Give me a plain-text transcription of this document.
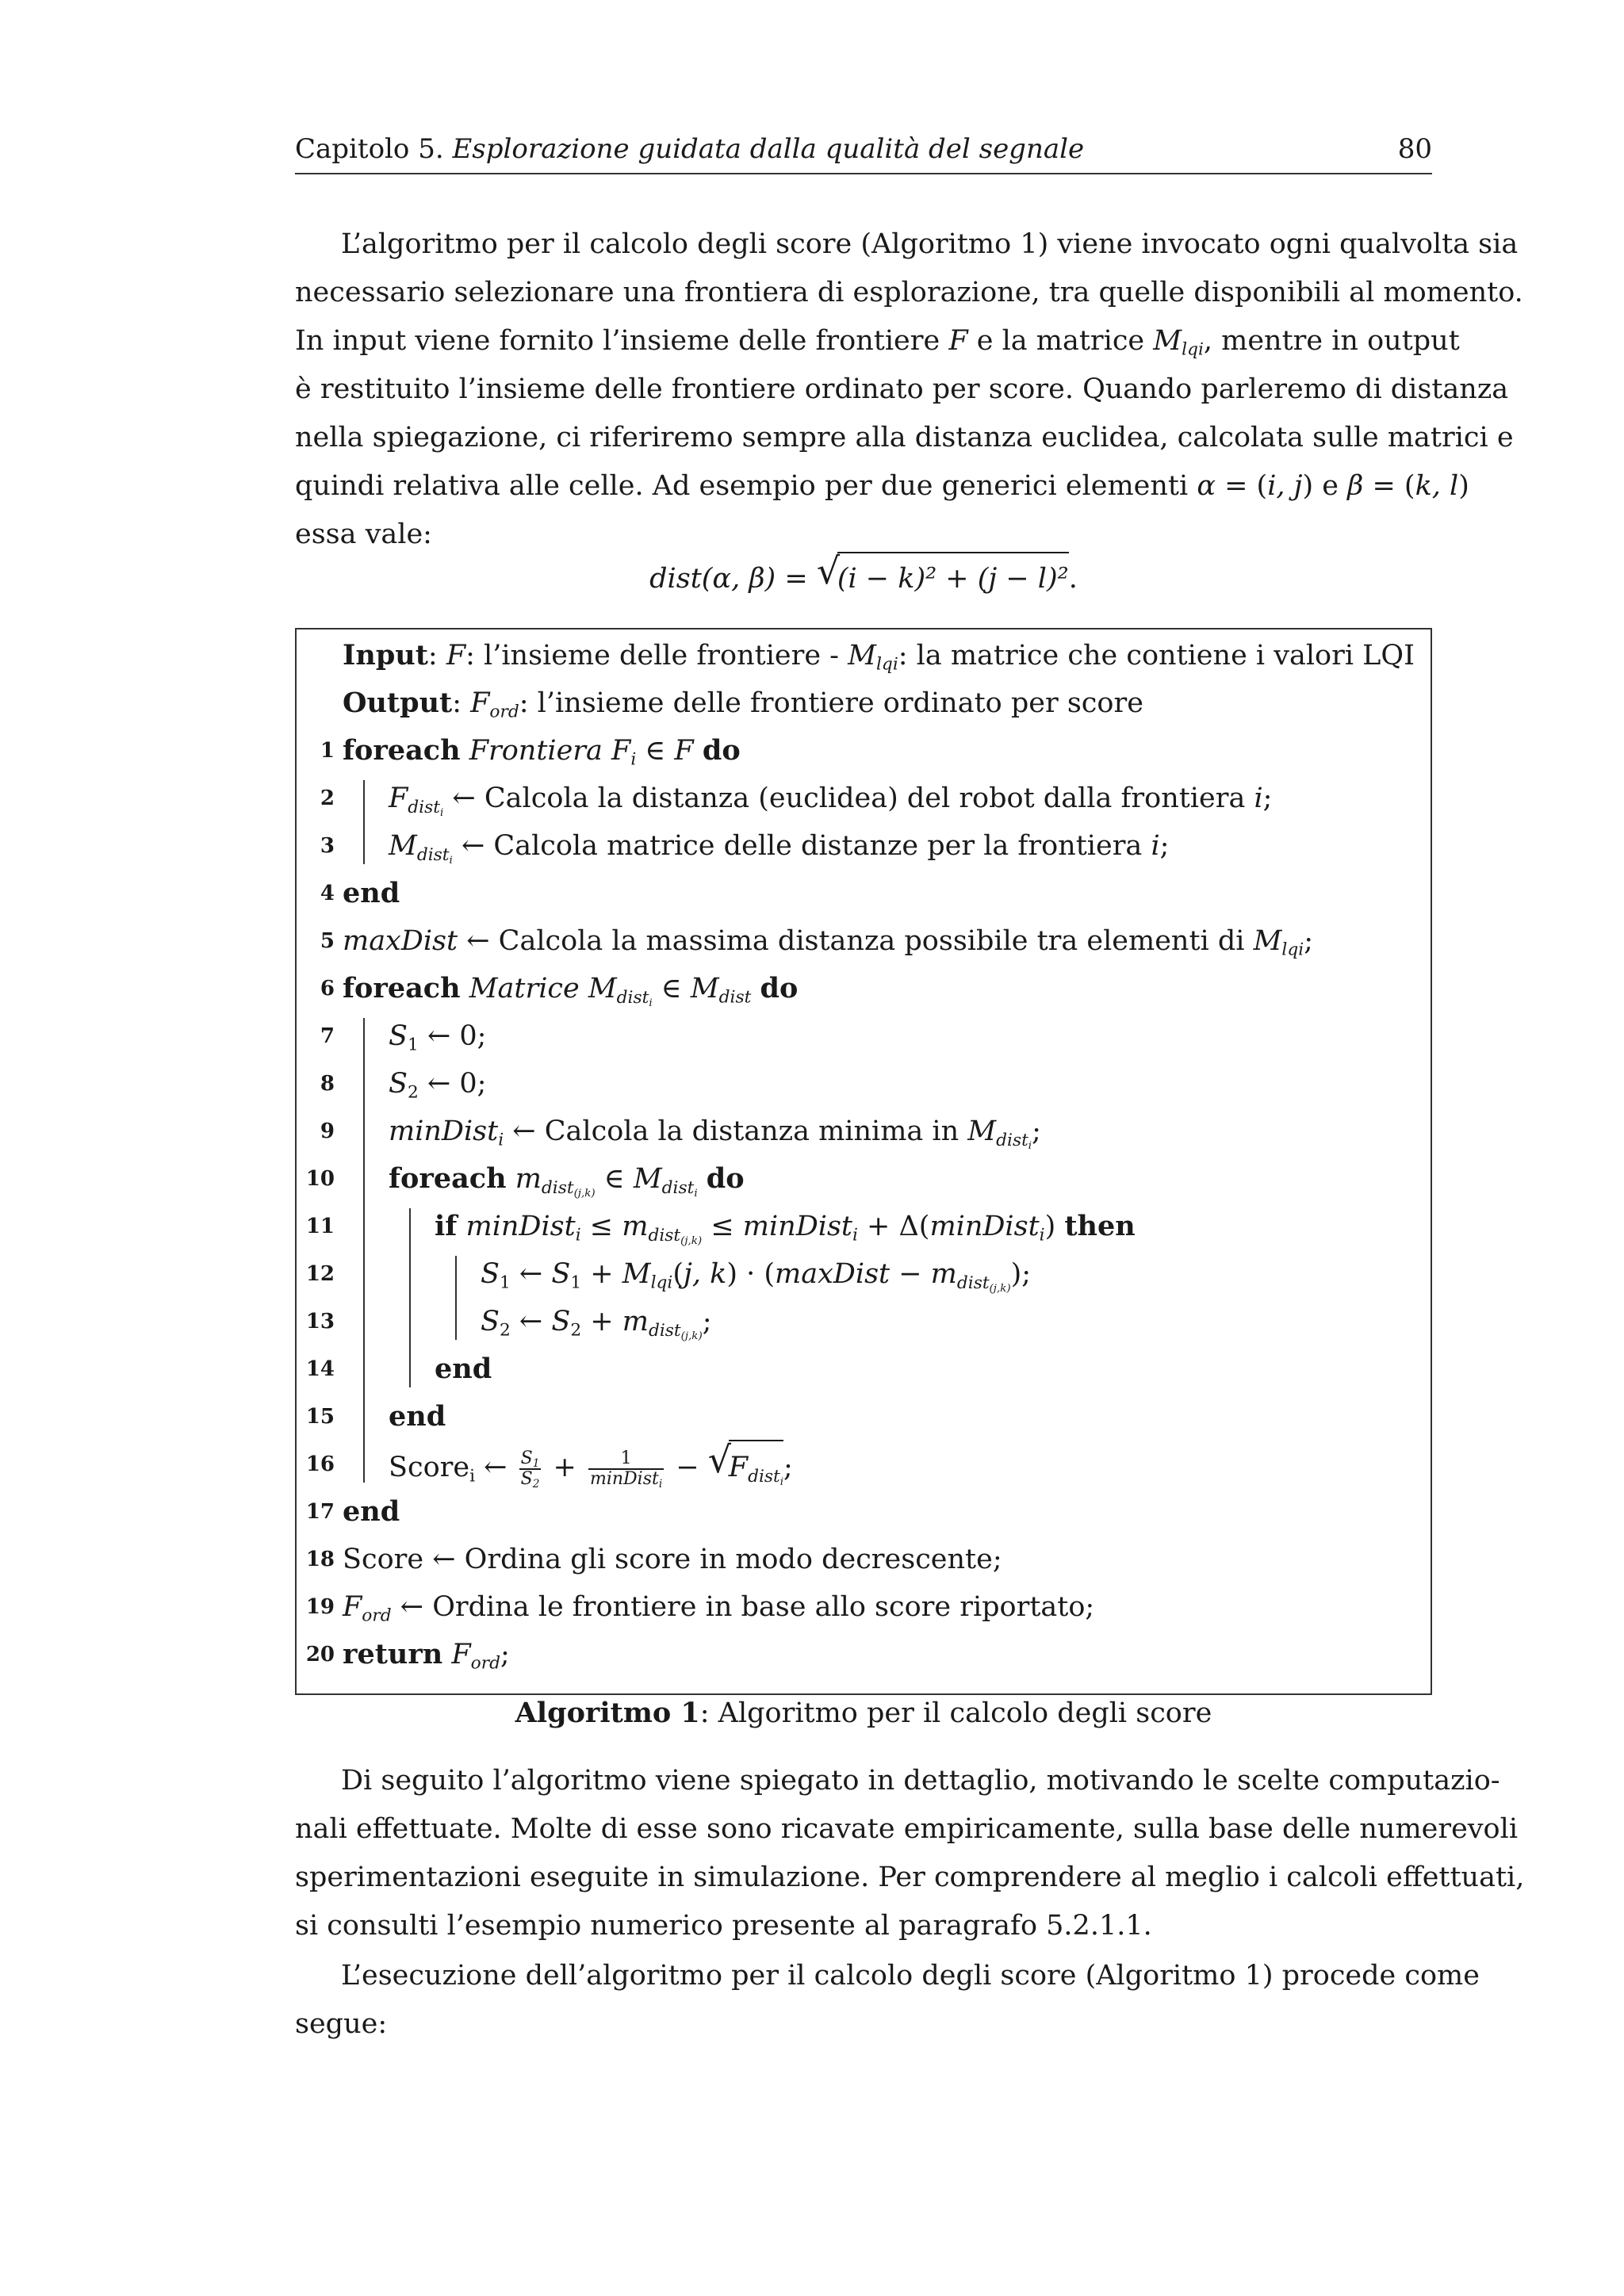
Capitolo 5. Esplorazione guidata dalla qualità del segnale	80
L’algoritmo per il calcolo degli score (Algoritmo 1) viene invocato ogni qualvolta sia
necessario selezionare una frontiera di esplorazione, tra quelle disponibili al momento.
In input viene fornito l’insieme delle frontiere F e la matrice $M_{lqi}$, mentre in output
è restituito l’insieme delle frontiere ordinato per score. Quando parleremo di distanza
nella spiegazione, ci riferiremo sempre alla distanza euclidea, calcolata sulle matrici e
quindi relativa alle celle. Ad esempio per due generici elementi α = (i, j) e β = (k, l)
essa vale:
dist(α, β) = √
(i − k)² + (j − l)².
Input: F: l’insieme delle frontiere - $M_{lqi}$: la matrice che contiene i valori LQI
Output: $F_{ord}$: l’insieme delle frontiere ordinato per score
1 foreach Frontiera $F_i$ ∈ F do
2 $F_{dist_i}$ ← Calcola la distanza (euclidea) del robot dalla frontiera i;
3 $M_{dist_i}$ ← Calcola matrice delle distanze per la frontiera i;
4 end
5 maxDist ← Calcola la massima distanza possibile tra elementi di $M_{lqi}$;
6 foreach Matrice $M_{dist_i}$ ∈ $M_{dist}$ do
7 $S_1$ ← 0;
8 $S_2$ ← 0;
9 minDist$_i$ ← Calcola la distanza minima in $M_{dist_i}$;
10 foreach $m_{dist_{(j,k)}}$ ∈ $M_{dist_i}$ do
11	if minDist$_i$ ≤ $m_{dist_{(j,k)}}$ ≤ minDist$_i$ + Δ(minDist$_i$) then
12	$S_1$ ← $S_1 + M_{lqi}(j$, k) · (maxDist − $m_{dist_{(j,k)}}$);
13	$S_2$ ← $S_2 + m_{dist_{(j,k)}}$;
14	end
15 end
16 Score$_i$ ← $\frac{S_1}{S_2} + \frac{1}{minDist_i}$ − √
$F_{dist_i}$;
17 end
18 Score ← Ordina gli score in modo decrescente;
19 $F_{ord}$ ← Ordina le frontiere in base allo score riportato;
20 return $F_{ord}$;
Algoritmo 1: Algoritmo per il calcolo degli score
Di seguito l’algoritmo viene spiegato in dettaglio, motivando le scelte computazio-
nali effettuate. Molte di esse sono ricavate empiricamente, sulla base delle numerevoli
sperimentazioni eseguite in simulazione. Per comprendere al meglio i calcoli effettuati,
si consulti l’esempio numerico presente al paragrafo 5.2.1.1.
L’esecuzione dell’algoritmo per il calcolo degli score (Algoritmo 1) procede come
segue:
